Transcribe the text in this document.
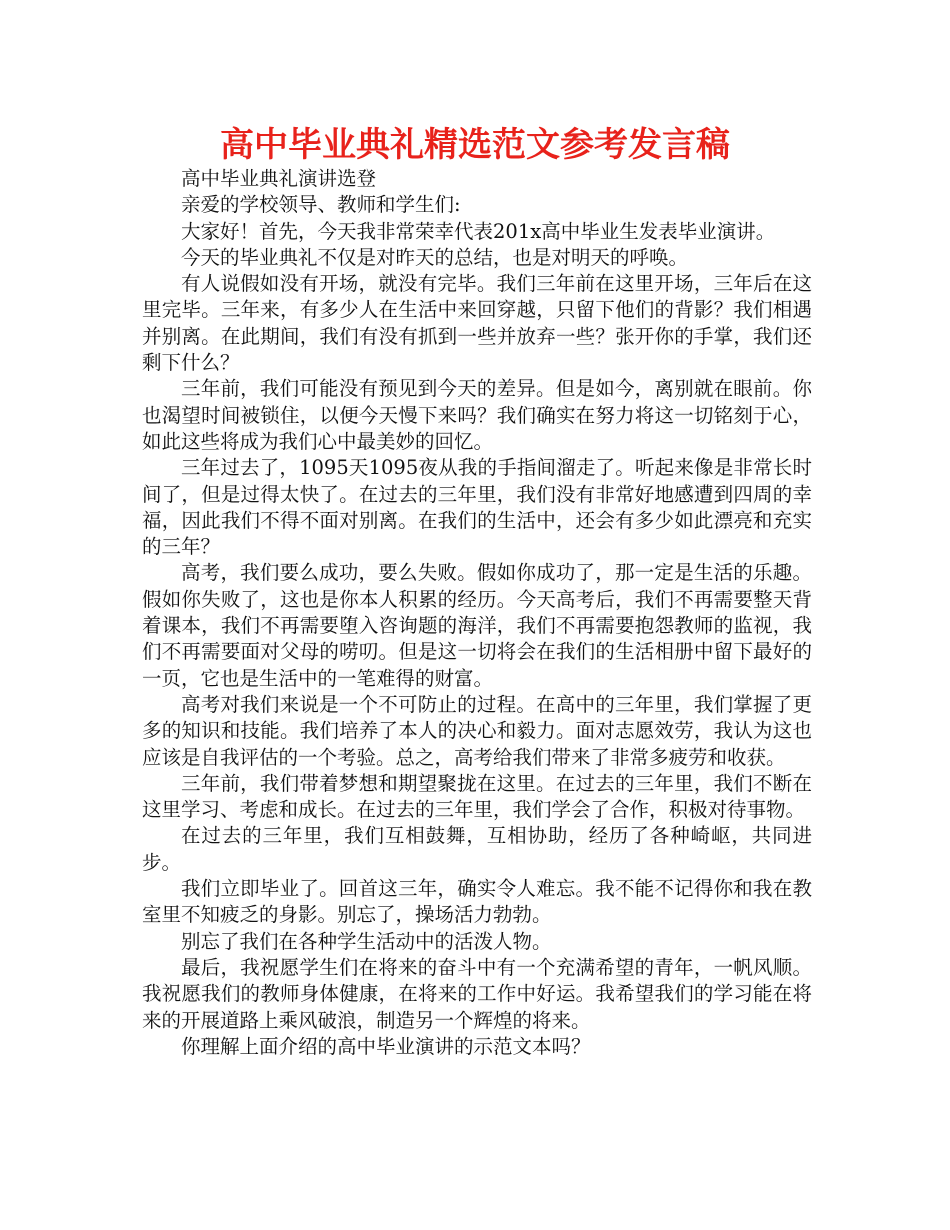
高中毕业典礼精选范文参考发言稿

高中毕业典礼演讲选登

亲爱的学校领导、教师和学生们:

大家好！首先，今天我非常荣幸代表201x高中毕业生发表毕业演讲。

今天的毕业典礼不仅是对昨天的总结，也是对明天的呼唤。

有人说假如没有开场，就没有完毕。我们三年前在这里开场，三年后在这里完毕。三年来，有多少人在生活中来回穿越，只留下他们的背影？我们相遇并别离。在此期间，我们有没有抓到一些并放弃一些？张开你的手掌，我们还剩下什么？

三年前，我们可能没有预见到今天的差异。但是如今，离别就在眼前。你也渴望时间被锁住，以便今天慢下来吗？我们确实在努力将这一切铭刻于心，如此这些将成为我们心中最美妙的回忆。

三年过去了，1095天1095夜从我的手指间溜走了。听起来像是非常长时间了，但是过得太快了。在过去的三年里，我们没有非常好地感遭到四周的幸福，因此我们不得不面对别离。在我们的生活中，还会有多少如此漂亮和充实的三年？

高考，我们要么成功，要么失败。假如你成功了，那一定是生活的乐趣。假如你失败了，这也是你本人积累的经历。今天高考后，我们不再需要整天背着课本，我们不再需要堕入咨询题的海洋，我们不再需要抱怨教师的监视，我们不再需要面对父母的唠叨。但是这一切将会在我们的生活相册中留下最好的一页，它也是生活中的一笔难得的财富。

高考对我们来说是一个不可防止的过程。在高中的三年里，我们掌握了更多的知识和技能。我们培养了本人的决心和毅力。面对志愿效劳，我认为这也应该是自我评估的一个考验。总之，高考给我们带来了非常多疲劳和收获。

三年前，我们带着梦想和期望聚拢在这里。在过去的三年里，我们不断在这里学习、考虑和成长。在过去的三年里，我们学会了合作，积极对待事物。

在过去的三年里，我们互相鼓舞，互相协助，经历了各种崎岖，共同进步。

我们立即毕业了。回首这三年，确实令人难忘。我不能不记得你和我在教室里不知疲乏的身影。别忘了，操场活力勃勃。

别忘了我们在各种学生活动中的活泼人物。

最后，我祝愿学生们在将来的奋斗中有一个充满希望的青年，一帆风顺。我祝愿我们的教师身体健康，在将来的工作中好运。我希望我们的学习能在将来的开展道路上乘风破浪，制造另一个辉煌的将来。

你理解上面介绍的高中毕业演讲的示范文本吗？
